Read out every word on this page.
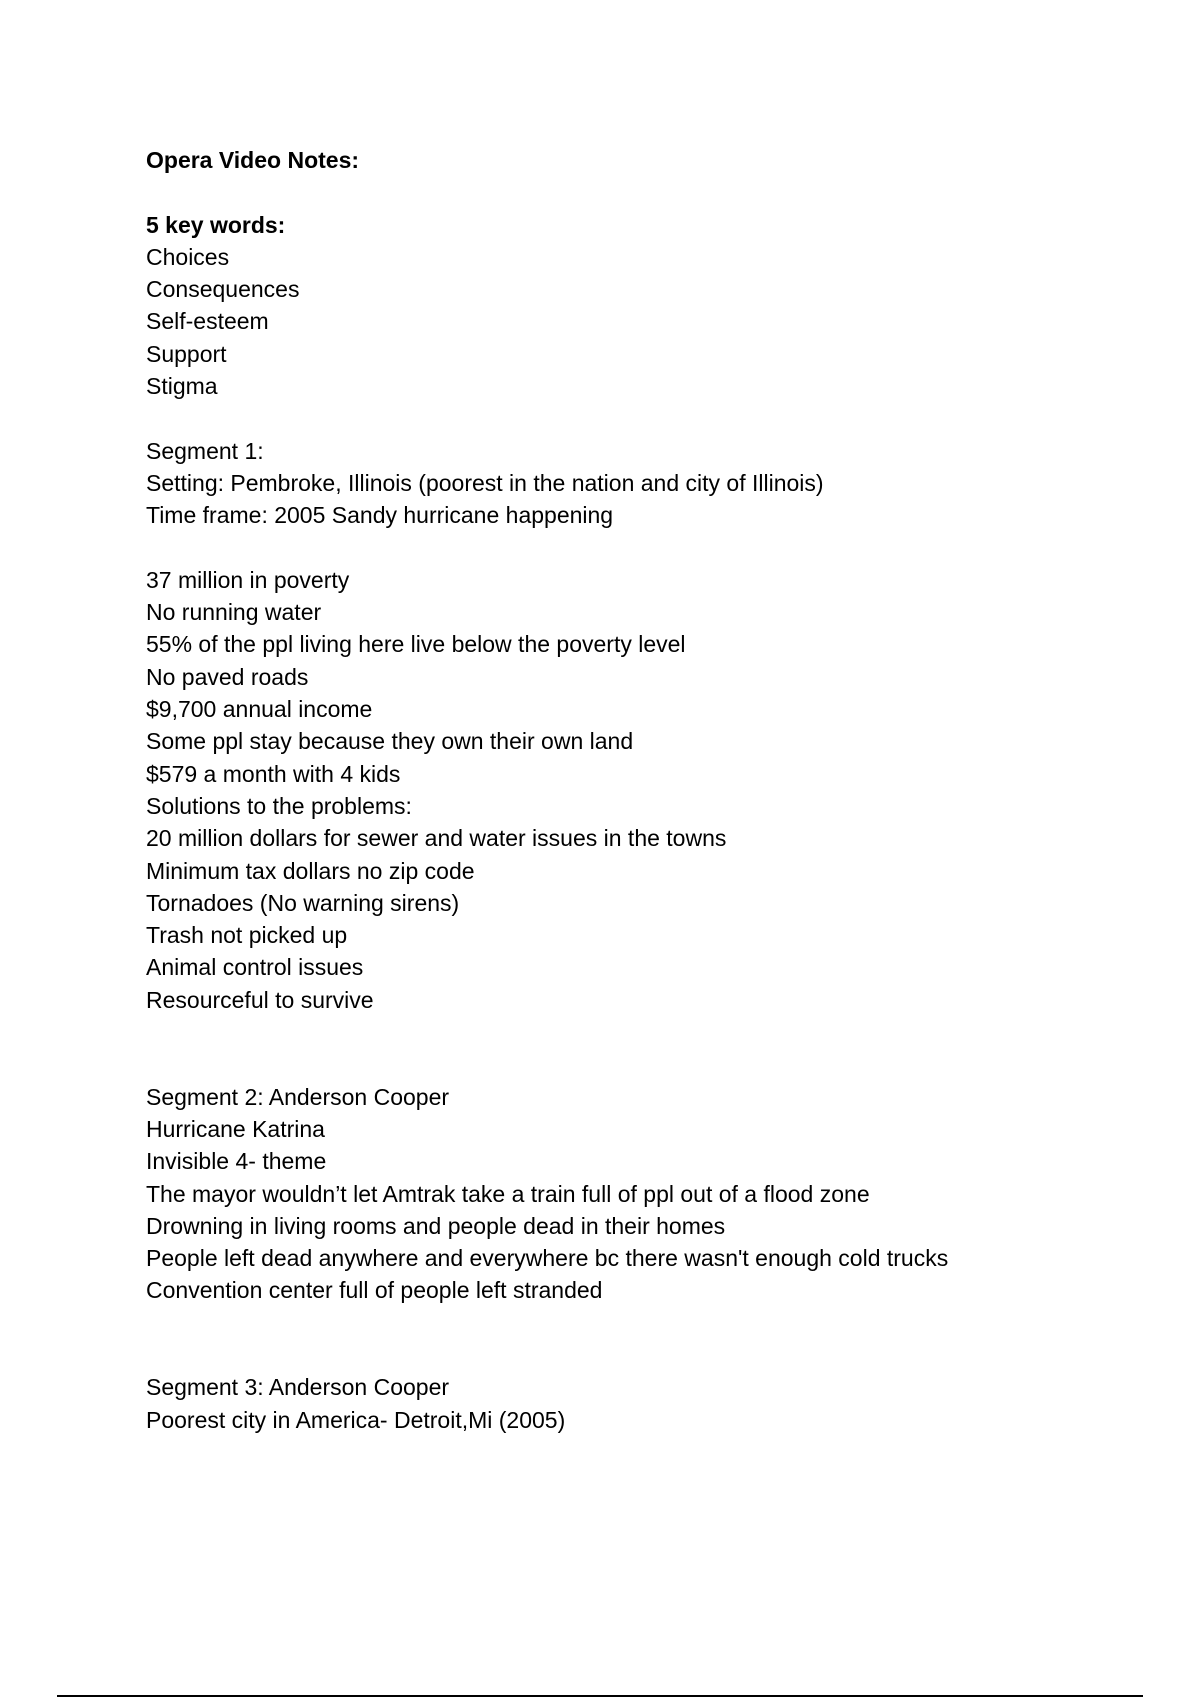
Opera Video Notes:
5 key words:
Choices
Consequences
Self-esteem
Support
Stigma
Segment 1:
Setting: Pembroke, Illinois (poorest in the nation and city of Illinois)
Time frame: 2005 Sandy hurricane happening
37 million in poverty
No running water
55% of the ppl living here live below the poverty level
No paved roads
$9,700 annual income
Some ppl stay because they own their own land
$579 a month with 4 kids
Solutions to the problems:
20 million dollars for sewer and water issues in the towns
Minimum tax dollars no zip code
Tornadoes (No warning sirens)
Trash not picked up
Animal control issues
Resourceful to survive
Segment 2: Anderson Cooper
Hurricane Katrina
Invisible 4- theme
The mayor wouldn’t let Amtrak take a train full of ppl out of a flood zone
Drowning in living rooms and people dead in their homes
People left dead anywhere and everywhere bc there wasn't enough cold trucks
Convention center full of people left stranded
Segment 3: Anderson Cooper
Poorest city in America- Detroit,Mi (2005)
